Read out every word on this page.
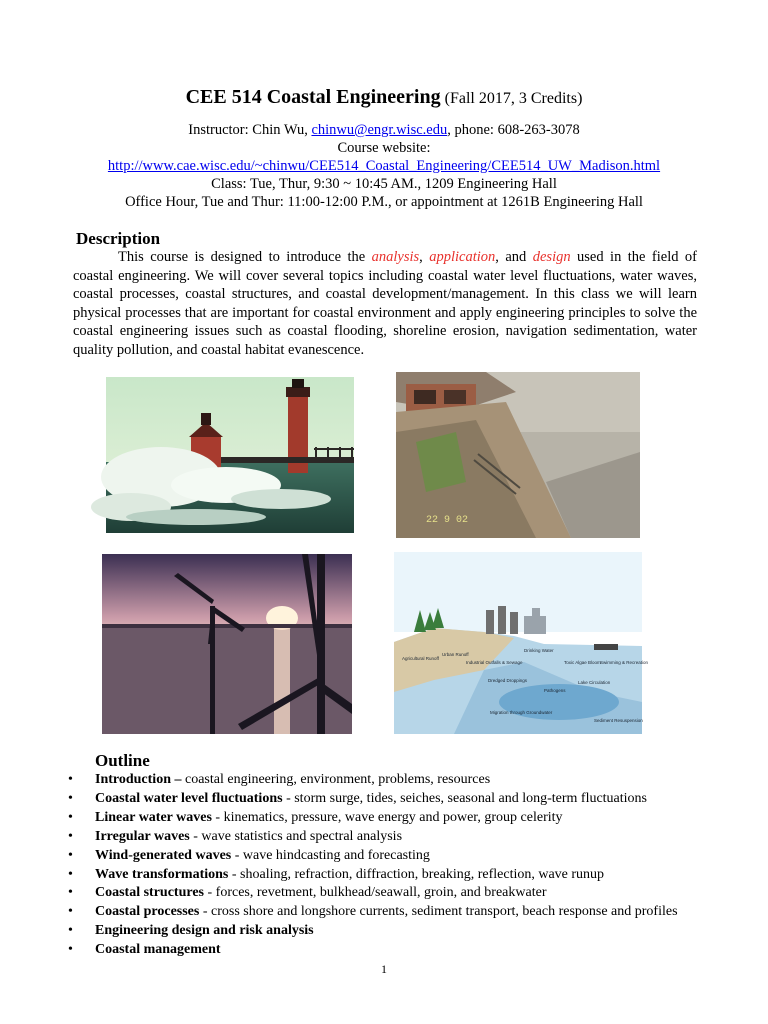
CEE 514 Coastal Engineering (Fall 2017, 3 Credits)
Instructor: Chin Wu, chinwu@engr.wisc.edu, phone: 608-263-3078
Course website:
http://www.cae.wisc.edu/~chinwu/CEE514_Coastal_Engineering/CEE514_UW_Madison.html
Class: Tue, Thur, 9:30 ~ 10:45 AM., 1209 Engineering Hall
Office Hour, Tue and Thur: 11:00-12:00 P.M., or appointment at 1261B Engineering Hall
Description

This course is designed to introduce the analysis, application, and design used in the field of coastal engineering. We will cover several topics including coastal water level fluctuations, water waves, coastal processes, coastal structures, and coastal development/management. In this class we will learn physical processes that are important for coastal environment and apply engineering principles to solve the coastal engineering issues such as coastal flooding, shoreline erosion, navigation sedimentation, water quality pollution, and coastal habitat evanescence.

22 9 02
Agricultural Runoff
Urban Runoff
Industrial Outfalls & Sewage
Drinking Water
Toxic Algae Bloom Swimming & Recreation
Dredged Droppings	Lake Circulation
Pathogens
Migration through Groundwater
Sediment Resuspension
Outline
• Introduction – coastal engineering, environment, problems, resources
• Coastal water level fluctuations - storm surge, tides, seiches, seasonal and long-term fluctuations
• Linear water waves - kinematics, pressure, wave energy and power, group celerity
• Irregular waves - wave statistics and spectral analysis
• Wind-generated waves - wave hindcasting and forecasting
• Wave transformations - shoaling, refraction, diffraction, breaking, reflection, wave runup
• Coastal structures - forces, revetment, bulkhead/seawall, groin, and breakwater
• Coastal processes - cross shore and longshore currents, sediment transport, beach response and profiles
• Engineering design and risk analysis
• Coastal management
1
